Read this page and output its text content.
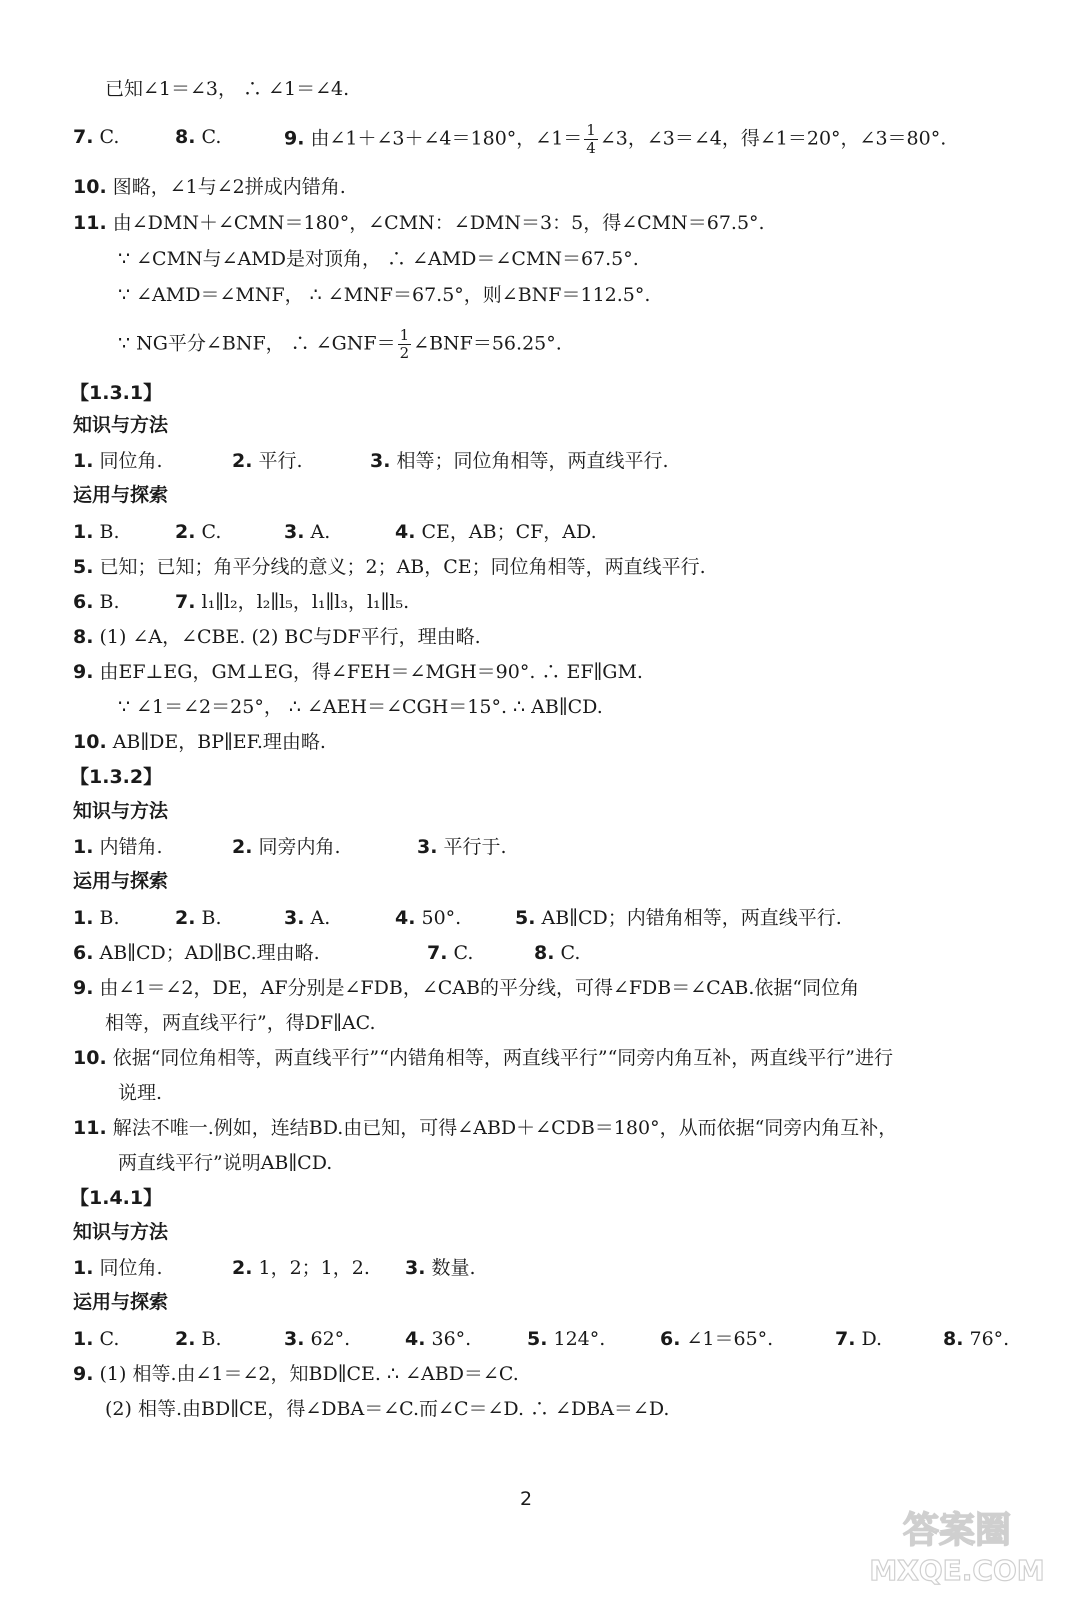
已知∠1＝∠3， ∴ ∠1＝∠4.
7. C.	8. C.	9. 由∠1＋∠3＋∠4＝180°，∠1＝ $\frac{1}{4}$ ∠3，∠3＝∠4，得∠1＝20°，∠3＝80°.
10. 图略，∠1与∠2拼成内错角.
11. 由∠DMN＋∠CMN＝180°，∠CMN：∠DMN＝3：5，得∠CMN＝67.5°.
∵ ∠CMN与∠AMD是对顶角， ∴ ∠AMD＝∠CMN＝67.5°.
∵ ∠AMD＝∠MNF， ∴ ∠MNF＝67.5°，则∠BNF＝112.5°.
∵ NG平分∠BNF， ∴ ∠GNF＝ $\frac{1}{2}$ ∠BNF＝56.25°.
【1.3.1】
知识与方法
1. 同位角.	2. 平行.	3. 相等；同位角相等，两直线平行.
运用与探索
1. B.	2. C.	3. A.	4. CE，AB；CF，AD.
5. 已知；已知；角平分线的意义；2；AB，CE；同位角相等，两直线平行.
6. B.	7. l₁∥l₂，l₂∥l₅，l₁∥l₃，l₁∥l₅.
8. (1) ∠A，∠CBE. (2) BC与DF平行，理由略.
9. 由EF⊥EG，GM⊥EG，得∠FEH＝∠MGH＝90°. ∴ EF∥GM.
∵ ∠1＝∠2＝25°， ∴ ∠AEH＝∠CGH＝15°. ∴ AB∥CD.
10. AB∥DE，BP∥EF.理由略.
【1.3.2】
知识与方法
1. 内错角.	2. 同旁内角.	3. 平行于.
运用与探索
1. B.	2. B.	3. A.	4. 50°.	5. AB∥CD；内错角相等，两直线平行.
6. AB∥CD；AD∥BC.理由略.	7. C.	8. C.
9. 由∠1＝∠2，DE，AF分别是∠FDB，∠CAB的平分线，可得∠FDB＝∠CAB.依据“同位角
相等，两直线平行”，得DF∥AC.
10. 依据“同位角相等，两直线平行”“内错角相等，两直线平行”“同旁内角互补，两直线平行”进行
说理.
11. 解法不唯一.例如，连结BD.由已知，可得∠ABD＋∠CDB＝180°，从而依据“同旁内角互补，
两直线平行”说明AB∥CD.
【1.4.1】
知识与方法
1. 同位角.	2. 1，2；1，2. 3. 数量.
运用与探索
1. C.	2. B.	3. 62°.	4. 36°.	5. 124°.	6. ∠1＝65°.	7. D.	8. 76°.
9. (1) 相等.由∠1＝∠2，知BD∥CE. ∴ ∠ABD＝∠C.
(2) 相等.由BD∥CE，得∠DBA＝∠C.而∠C＝∠D. ∴ ∠DBA＝∠D.
2
答案圈
MXQE.COM
